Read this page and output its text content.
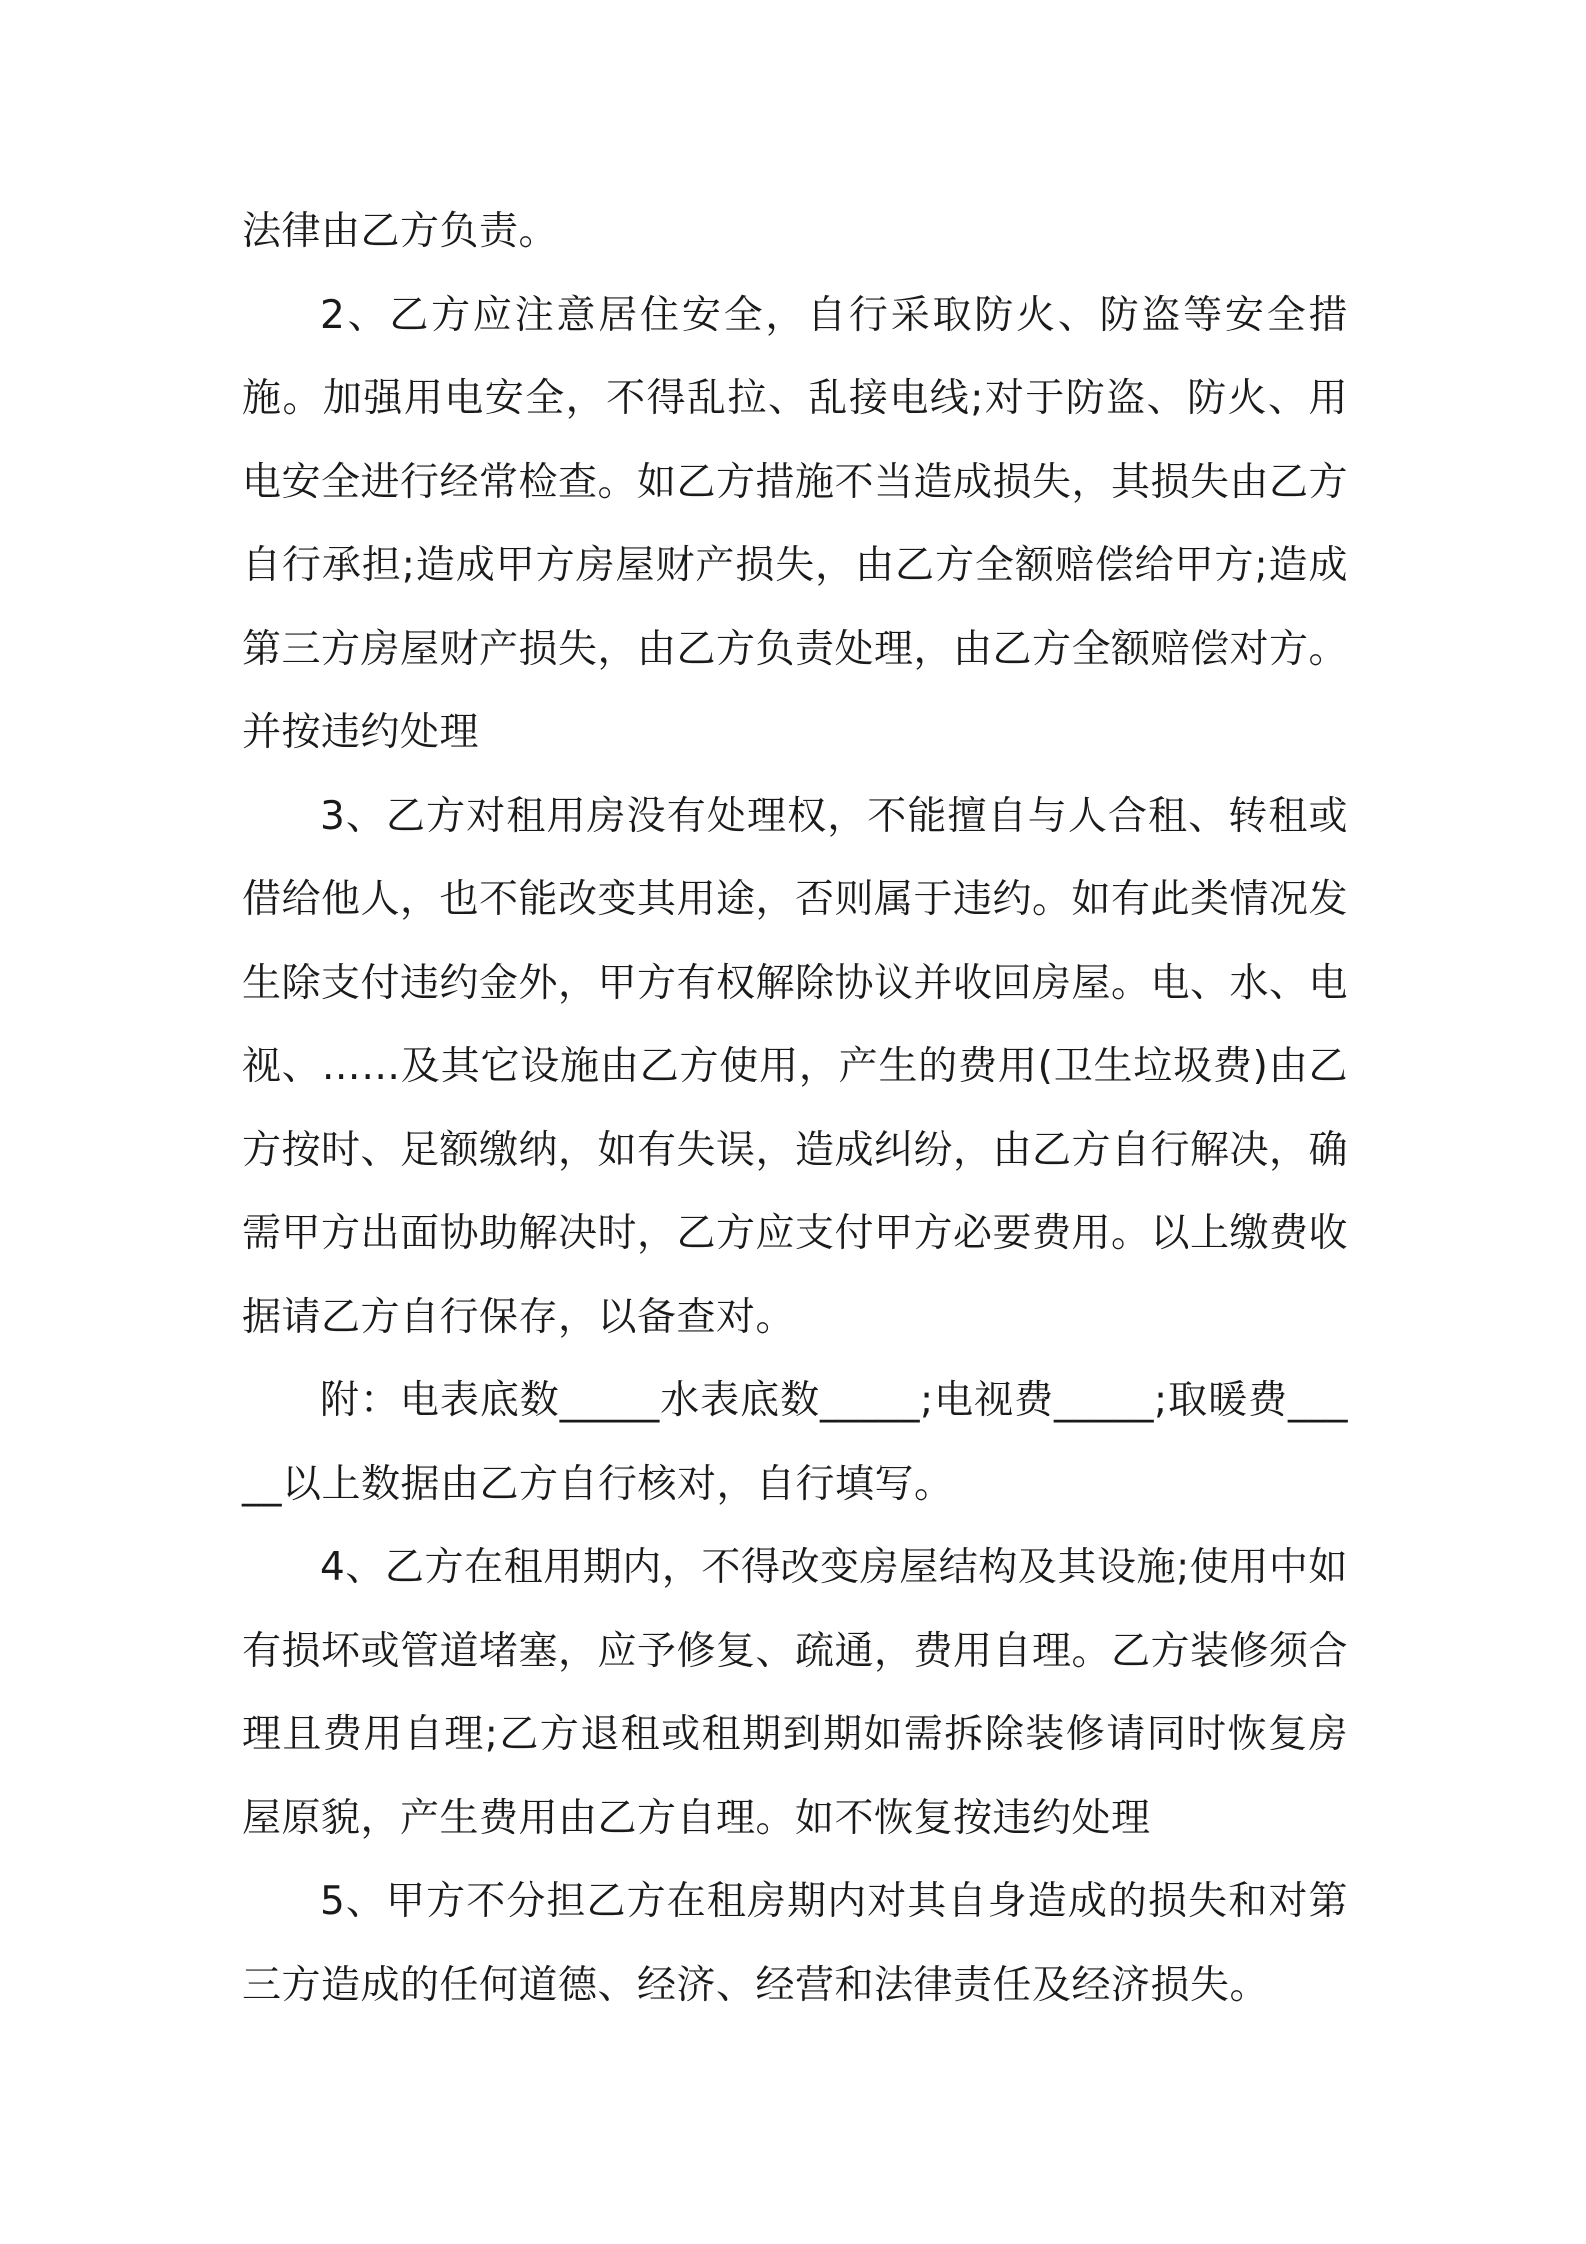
法律由乙方负责。

2、乙方应注意居住安全，自行采取防火、防盗等安全措施。加强用电安全，不得乱拉、乱接电线;对于防盗、防火、用电安全进行经常检查。如乙方措施不当造成损失，其损失由乙方自行承担;造成甲方房屋财产损失，由乙方全额赔偿给甲方;造成第三方房屋财产损失，由乙方负责处理，由乙方全额赔偿对方。并按违约处理

3、乙方对租用房没有处理权，不能擅自与人合租、转租或借给他人，也不能改变其用途，否则属于违约。如有此类情况发生除支付违约金外，甲方有权解除协议并收回房屋。电、水、电视、……及其它设施由乙方使用，产生的费用(卫生垃圾费)由乙方按时、足额缴纳，如有失误，造成纠纷，由乙方自行解决，确需甲方出面协助解决时，乙方应支付甲方必要费用。以上缴费收据请乙方自行保存，以备查对。

附：电表底数_____水表底数_____;电视费_____;取暖费_____以上数据由乙方自行核对，自行填写。

4、乙方在租用期内，不得改变房屋结构及其设施;使用中如有损坏或管道堵塞，应予修复、疏通，费用自理。乙方装修须合理且费用自理;乙方退租或租期到期如需拆除装修请同时恢复房屋原貌，产生费用由乙方自理。如不恢复按违约处理

5、甲方不分担乙方在租房期内对其自身造成的损失和对第三方造成的任何道德、经济、经营和法律责任及经济损失。
